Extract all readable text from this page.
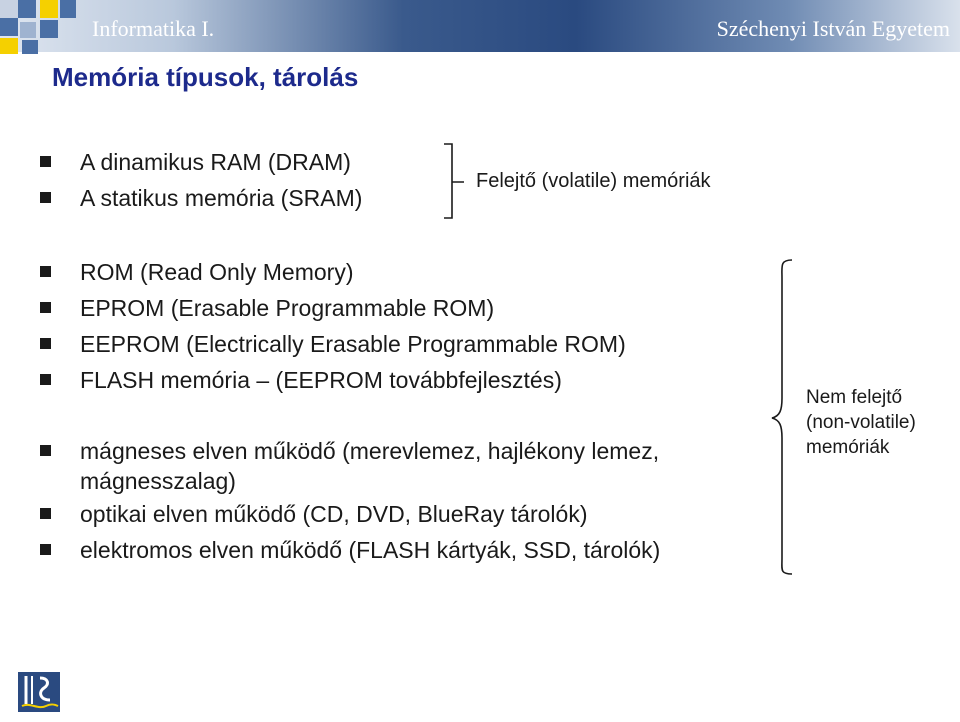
Informatika I.	Széchenyi István Egyetem
Memória típusok, tárolás
A dinamikus RAM (DRAM)
A statikus memória (SRAM)
Felejtő (volatile) memóriák
ROM (Read Only Memory)
EPROM (Erasable Programmable ROM)
EEPROM (Electrically Erasable Programmable ROM)
FLASH memória – (EEPROM továbbfejlesztés)
mágneses elven működő (merevlemez, hajlékony lemez, mágnesszalag)
optikai elven működő (CD, DVD, BlueRay tárolók)
elektromos elven működő (FLASH kártyák, SSD, tárolók)
Nem felejtő
(non-volatile)
memóriák
